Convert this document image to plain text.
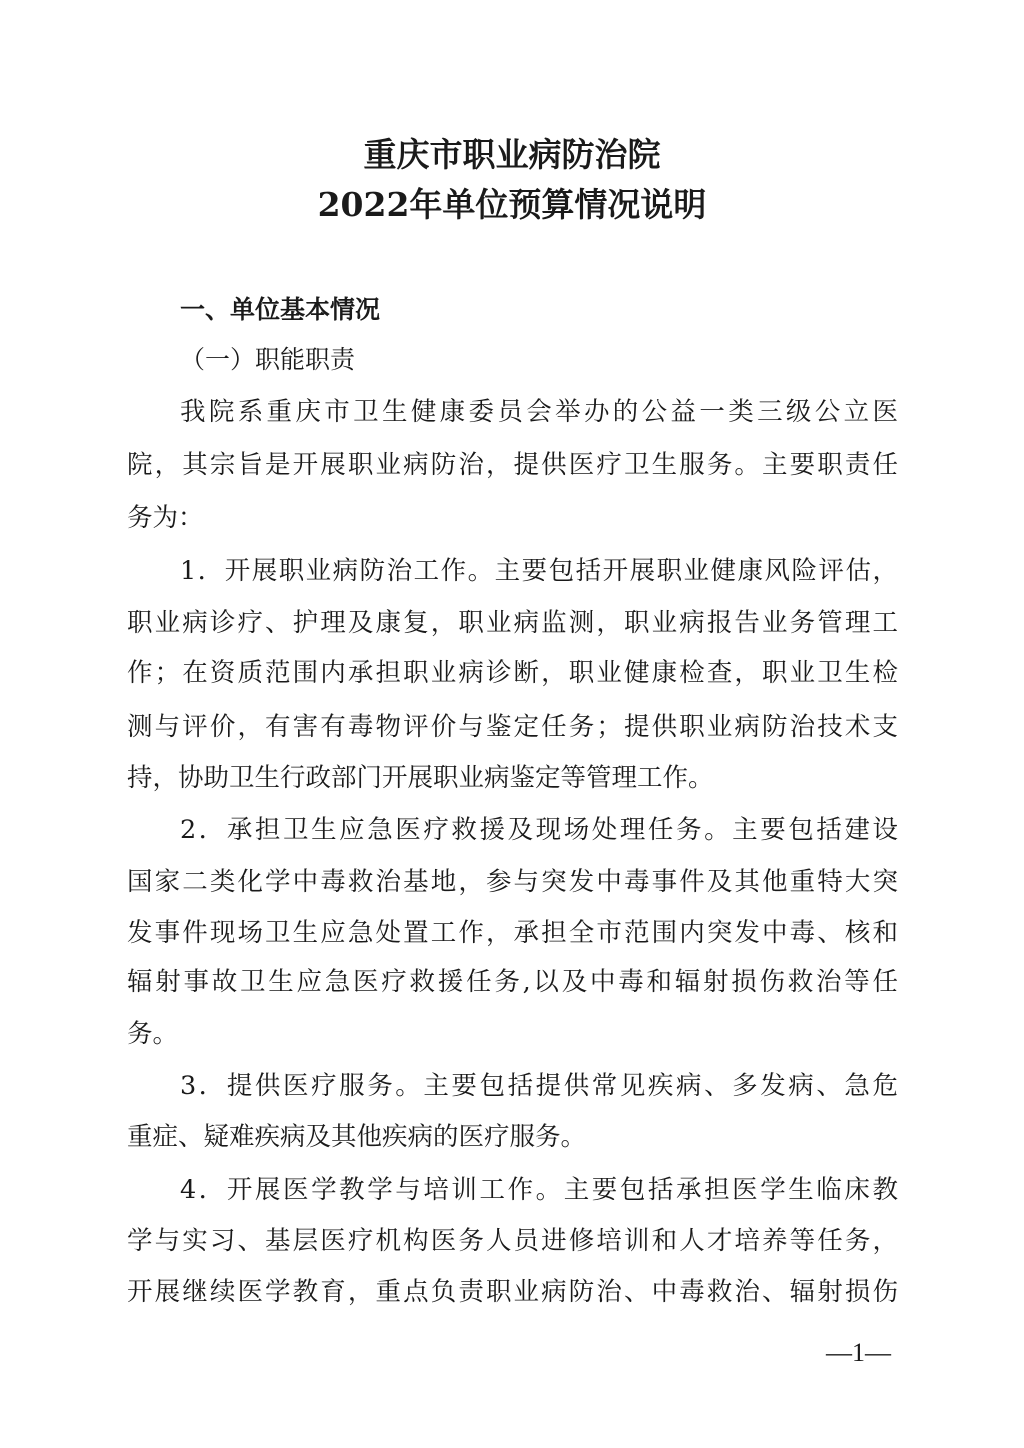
重庆市职业病防治院
2022年单位预算情况说明
一、单位基本情况
（一）职能职责
我院系重庆市卫生健康委员会举办的公益一类三级公立医
院，其宗旨是开展职业病防治，提供医疗卫生服务。主要职责任
务为：
1．开展职业病防治工作。主要包括开展职业健康风险评估，
职业病诊疗、护理及康复，职业病监测，职业病报告业务管理工
作；在资质范围内承担职业病诊断，职业健康检查，职业卫生检
测与评价，有害有毒物评价与鉴定任务；提供职业病防治技术支
持，协助卫生行政部门开展职业病鉴定等管理工作。
2．承担卫生应急医疗救援及现场处理任务。主要包括建设
国家二类化学中毒救治基地，参与突发中毒事件及其他重特大突
发事件现场卫生应急处置工作，承担全市范围内突发中毒、核和
辐射事故卫生应急医疗救援任务,以及中毒和辐射损伤救治等任
务。
3．提供医疗服务。主要包括提供常见疾病、多发病、急危
重症、疑难疾病及其他疾病的医疗服务。
4．开展医学教学与培训工作。主要包括承担医学生临床教
学与实习、基层医疗机构医务人员进修培训和人才培养等任务，
开展继续医学教育，重点负责职业病防治、中毒救治、辐射损伤
—1—
